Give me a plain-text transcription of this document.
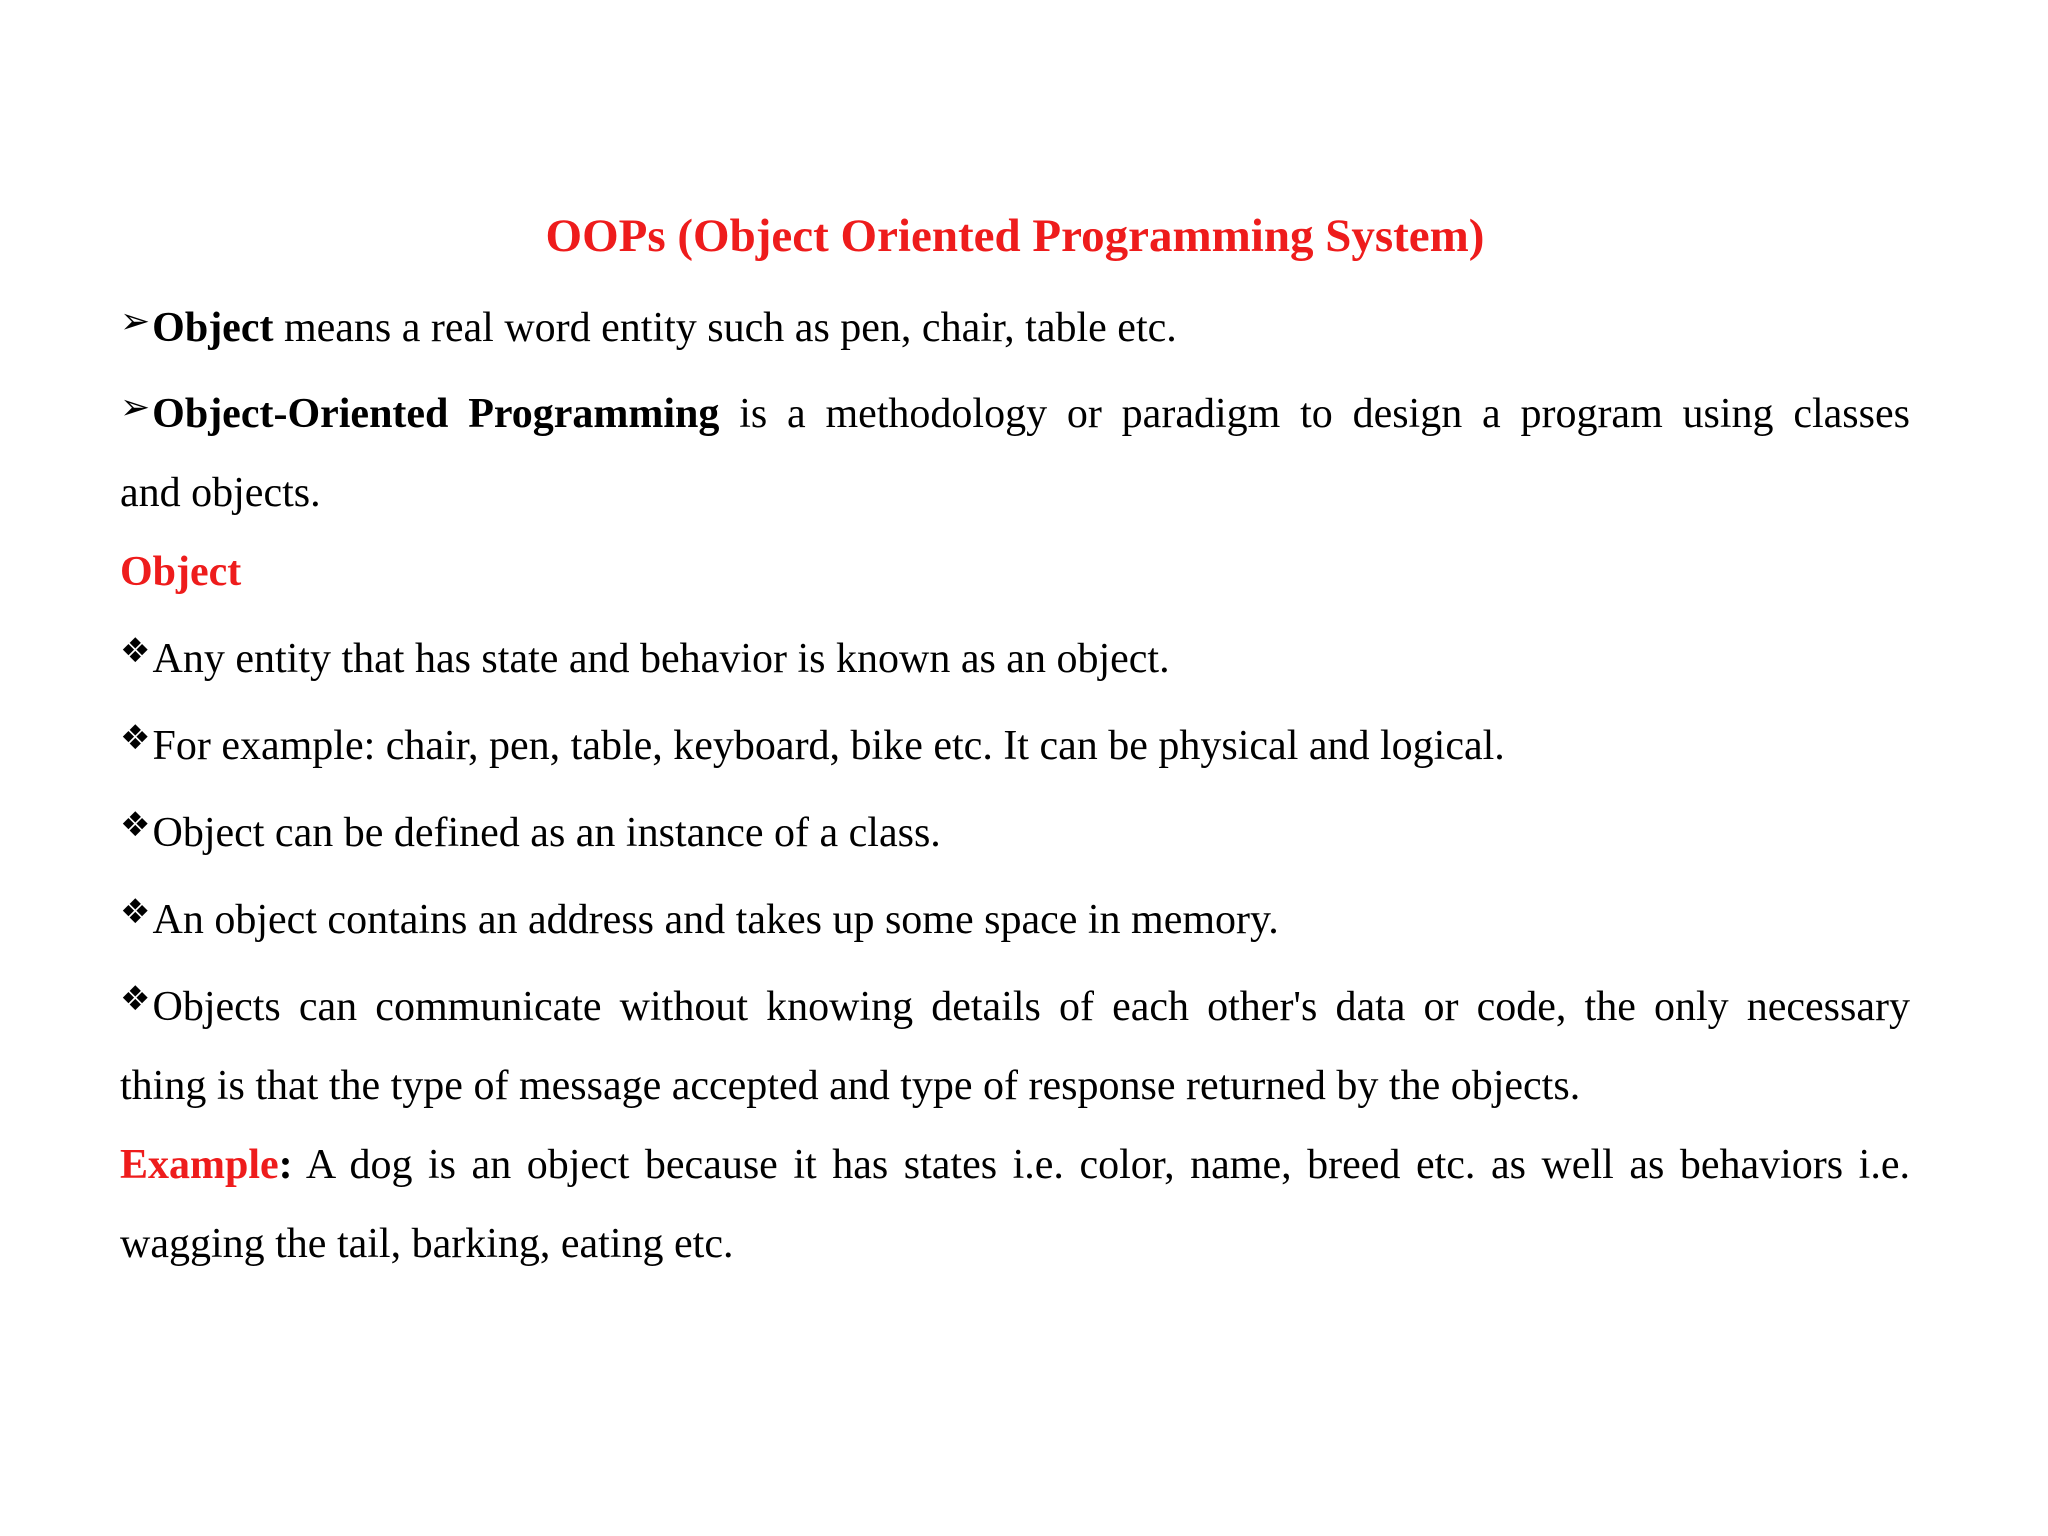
OOPs (Object Oriented Programming System)
➢Object means a real word entity such as pen, chair, table etc.
➢Object-Oriented Programming is a methodology or paradigm to design a program using classes
and objects.
Object
❖Any entity that has state and behavior is known as an object.
❖For example: chair, pen, table, keyboard, bike etc. It can be physical and logical.
❖Object can be defined as an instance of a class.
❖An object contains an address and takes up some space in memory.
❖Objects can communicate without knowing details of each other's data or code, the only necessary
thing is that the type of message accepted and type of response returned by the objects.
Example: A dog is an object because it has states i.e. color, name, breed etc. as well as behaviors i.e.
wagging the tail, barking, eating etc.
